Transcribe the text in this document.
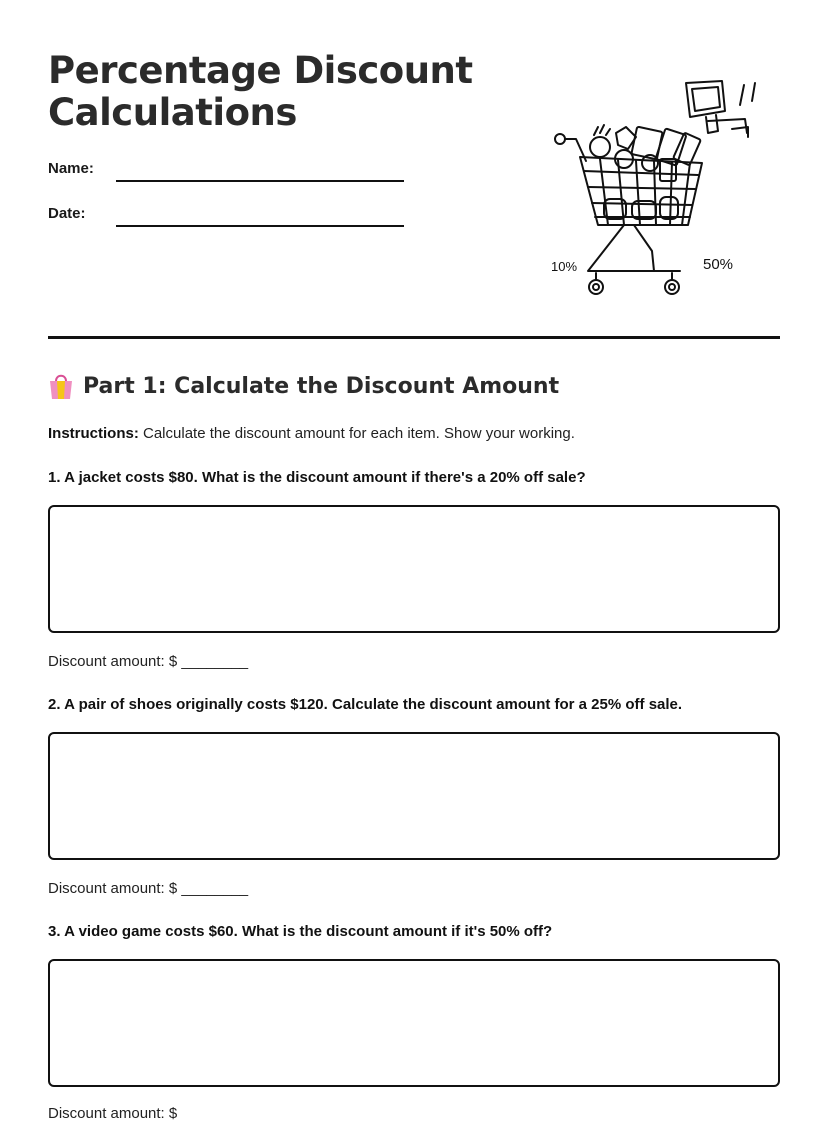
Percentage Discount
Calculations
Name:
Date:
10%	50%
Part 1: Calculate the Discount Amount
Instructions: Calculate the discount amount for each item. Show your working.
1. A jacket costs $80. What is the discount amount if there's a 20% off sale?
Discount amount: $ ________
2. A pair of shoes originally costs $120. Calculate the discount amount for a 25% off sale.
Discount amount: $ ________
3. A video game costs $60. What is the discount amount if it's 50% off?
Discount amount: $
